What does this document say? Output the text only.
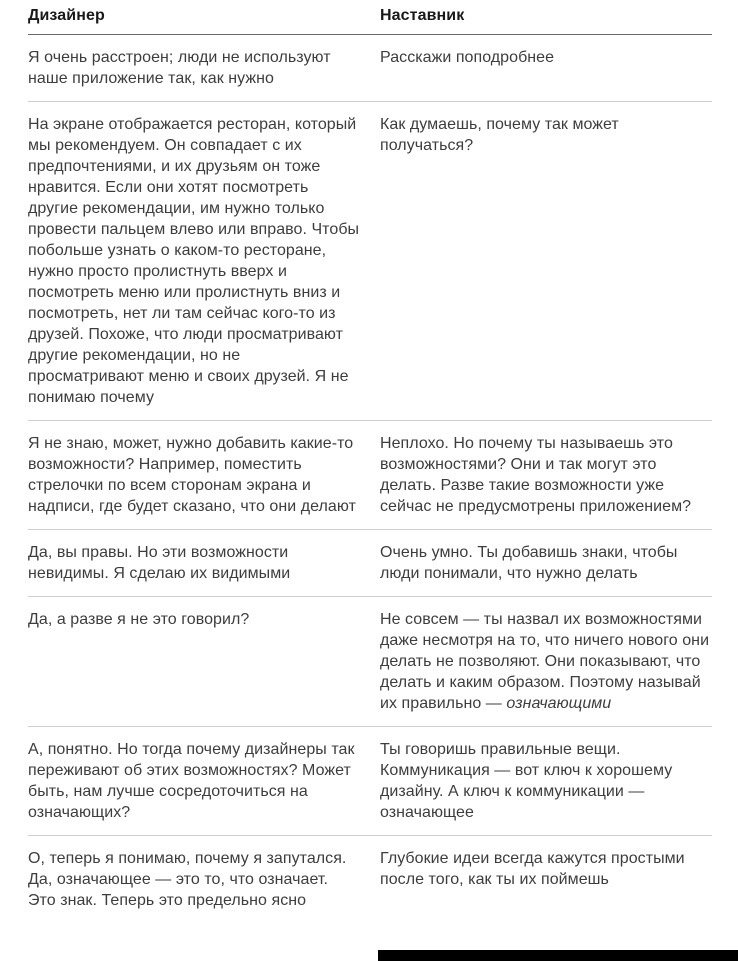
Дизайнер	Наставник
Я очень расстроен; люди не используют наше приложение так, как нужно
Расскажи поподробнее
На экране отображается ресторан, который мы рекомендуем. Он совпадает с их предпочтениями, и их друзьям он тоже нравится. Если они хотят посмотреть другие рекомендации, им нужно только провести пальцем влево или вправо. Чтобы побольше узнать о каком-то ресторане, нужно просто пролистнуть вверх и посмотреть меню или пролистнуть вниз и посмотреть, нет ли там сейчас кого-то из друзей. Похоже, что люди просматривают другие рекомендации, но не просматривают меню и своих друзей. Я не понимаю почему
Как думаешь, почему так может получаться?
Я не знаю, может, нужно добавить какие-то возможности? Например, поместить стрелочки по всем сторонам экрана и надписи, где будет сказано, что они делают
Неплохо. Но почему ты называешь это возможностями? Они и так могут это делать. Разве такие возможности уже сейчас не предусмотрены приложением?
Да, вы правы. Но эти возможности невидимы. Я сделаю их видимыми
Очень умно. Ты добавишь знаки, чтобы люди понимали, что нужно делать
Да, а разве я не это говорил?	Не совсем — ты назвал их возможностями даже несмотря на то, что ничего нового они делать не позволяют. Они показывают, что делать и каким образом. Поэтому называй их правильно — означающими
А, понятно. Но тогда почему дизайнеры так переживают об этих возможностях? Может быть, нам лучше сосредоточиться на означающих?
Ты говоришь правильные вещи. Коммуникация — вот ключ к хорошему дизайну. А ключ к коммуникации — означающее
О, теперь я понимаю, почему я запутался. Да, означающее — это то, что означает. Это знак. Теперь это предельно ясно
Глубокие идеи всегда кажутся простыми после того, как ты их поймешь
